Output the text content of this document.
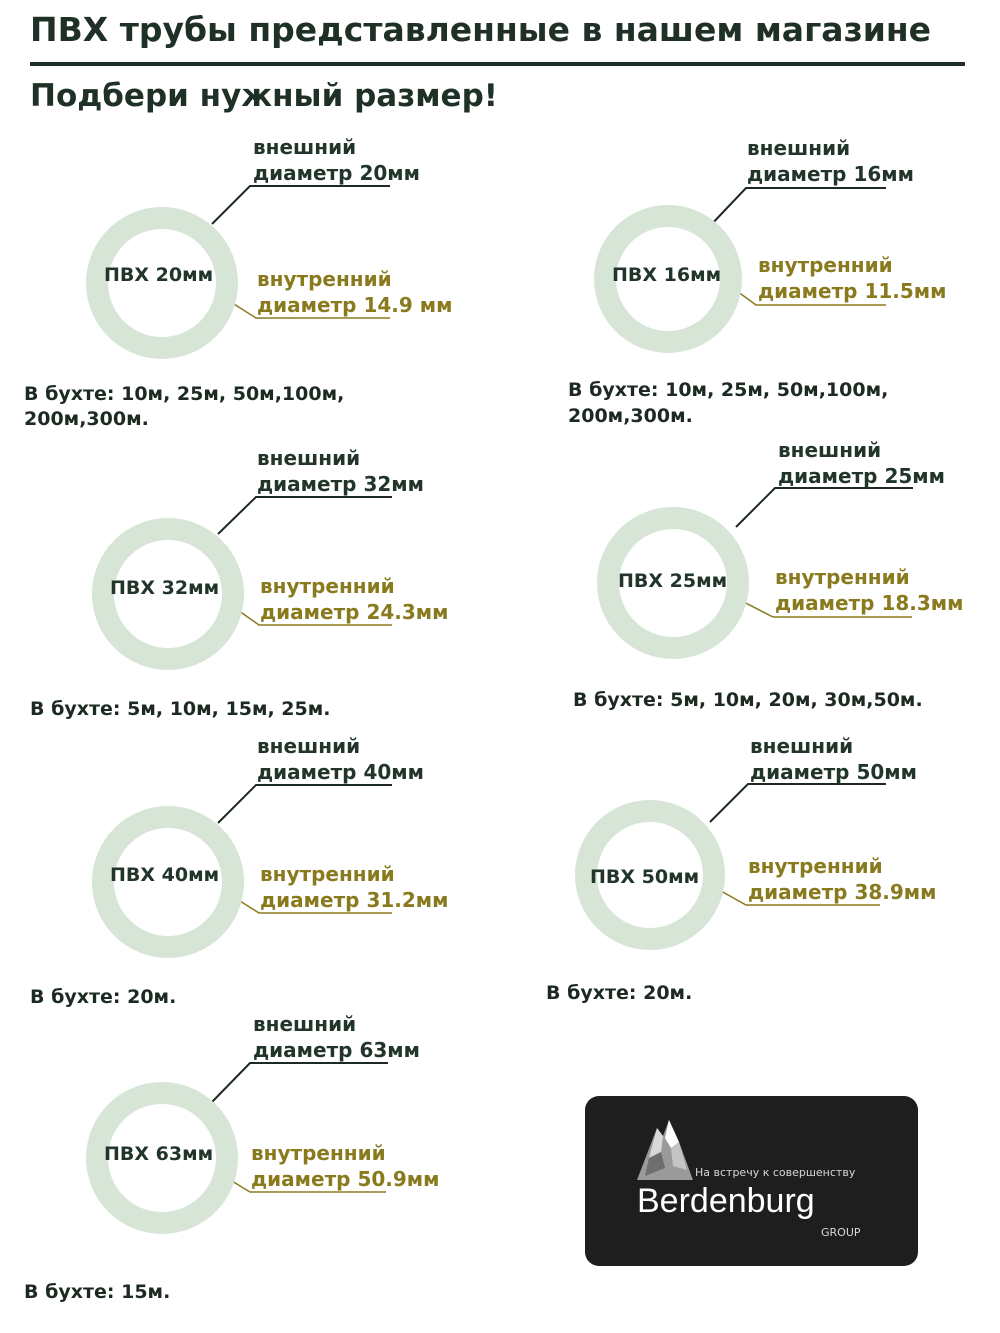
ПВХ трубы представленные в нашем магазине
Подбери нужный размер!
ПВХ 20мм
внешний
диаметр 20мм
внутренний
диаметр 14.9 мм
В бухте: 10м, 25м, 50м,100м,
200м,300м.
ПВХ 16мм
внешний
диаметр 16мм
внутренний
диаметр 11.5мм
В бухте: 10м, 25м, 50м,100м,
200м,300м.
ПВХ 32мм
внешний
диаметр 32мм
внутренний
диаметр 24.3мм
В бухте: 5м, 10м, 15м, 25м.
ПВХ 25мм
внешний
диаметр 25мм
внутренний
диаметр 18.3мм
В бухте: 5м, 10м, 20м, 30м,50м.
ПВХ 40мм
внешний
диаметр 40мм
внутренний
диаметр 31.2мм
В бухте: 20м.
ПВХ 50мм
внешний
диаметр 50мм
внутренний
диаметр 38.9мм
В бухте: 20м.
ПВХ 63мм
внешний
диаметр 63мм
внутренний
диаметр 50.9мм
В бухте: 15м.
На встречу к совершенству
Berdenburg
GROUP
